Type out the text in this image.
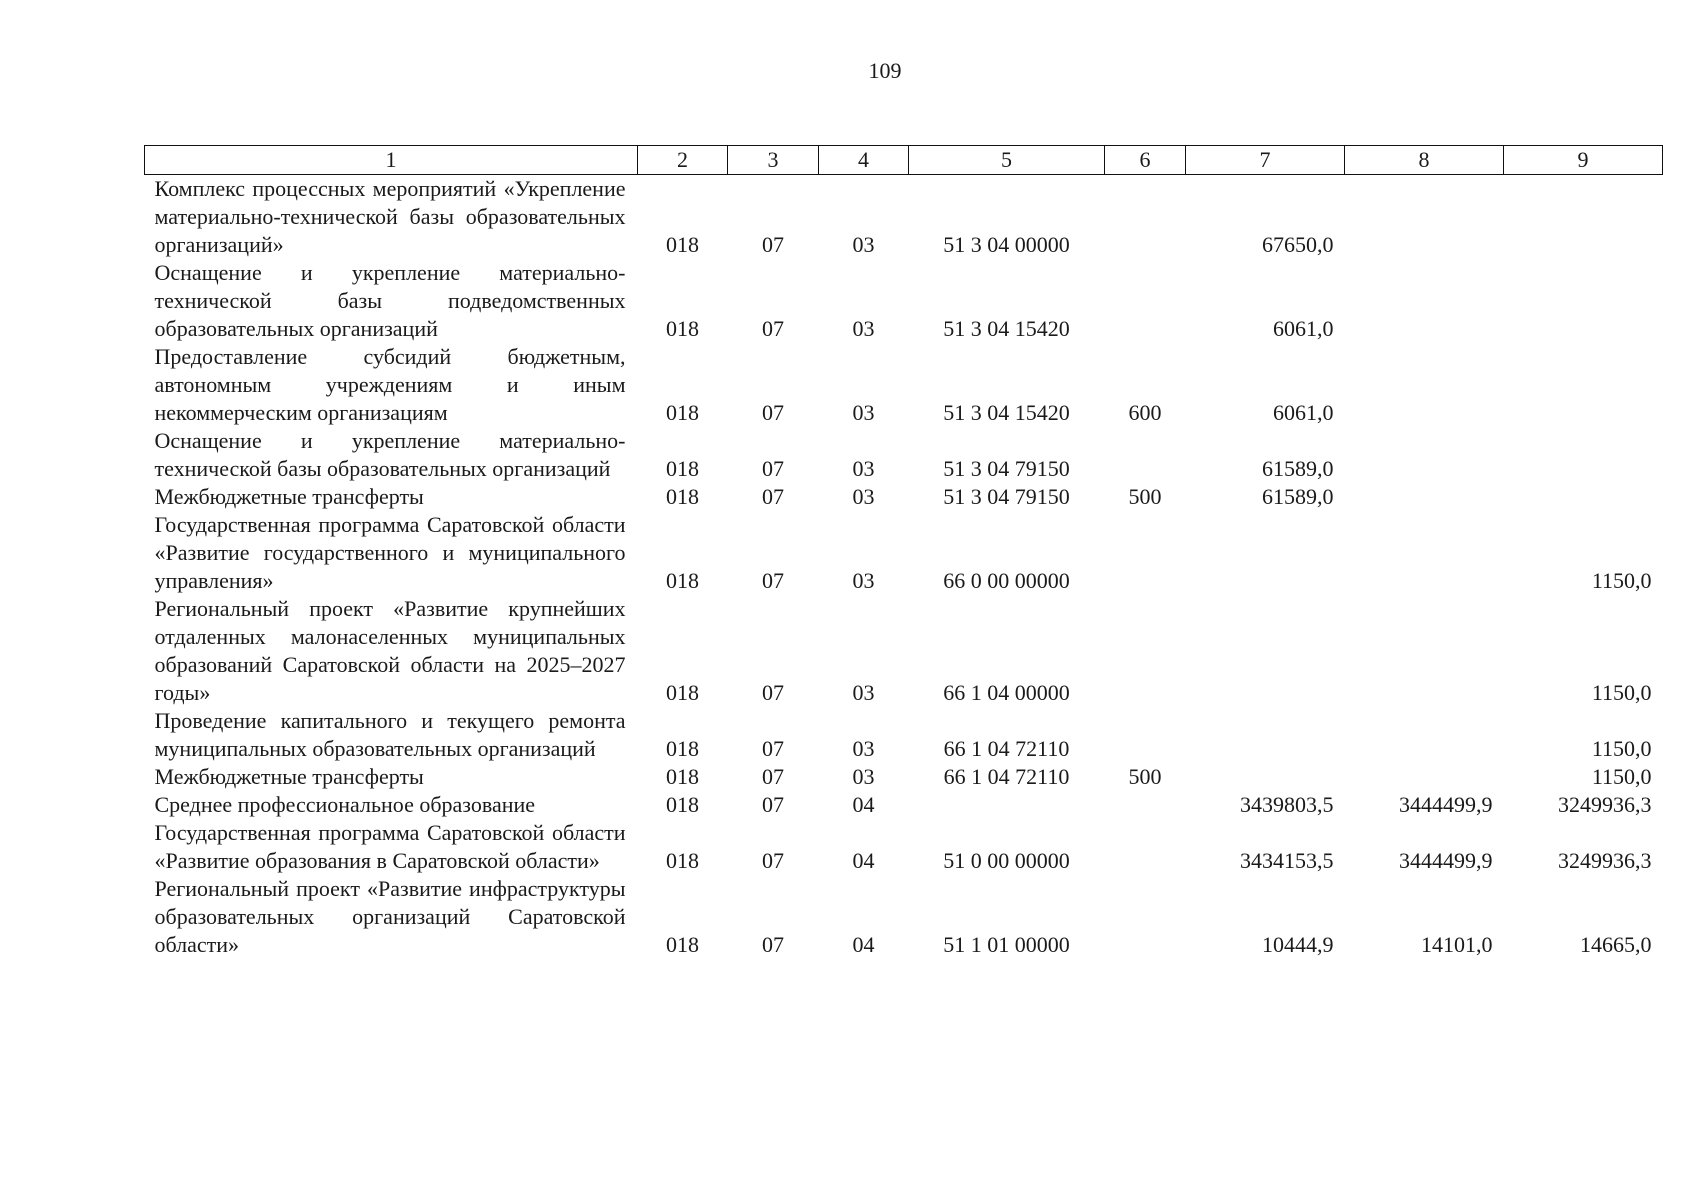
109
1	2	3	4	5	6	7	8	9
Комплекс процессных мероприятий «Укрепление материально-технической базы образовательных организаций»	018	07	03	51 3 04 00000		67650,0		
Оснащение и укрепление материально-технической базы подведомственных образовательных организаций	018	07	03	51 3 04 15420		6061,0		
Предоставление субсидий бюджетным, автономным учреждениям и иным некоммерческим организациям	018	07	03	51 3 04 15420	600	6061,0		
Оснащение и укрепление материально-технической базы образовательных организаций	018	07	03	51 3 04 79150		61589,0		
Межбюджетные трансферты	018	07	03	51 3 04 79150	500	61589,0		
Государственная программа Саратовской области «Развитие государственного и муниципального управления»	018	07	03	66 0 00 00000				1150,0
Региональный проект «Развитие крупнейших отдаленных малонаселенных муниципальных образований Саратовской области на 2025–2027 годы»	018	07	03	66 1 04 00000				1150,0
Проведение капитального и текущего ремонта муниципальных образовательных организаций	018	07	03	66 1 04 72110				1150,0
Межбюджетные трансферты	018	07	03	66 1 04 72110	500			1150,0
Среднее профессиональное образование	018	07	04			3439803,5	3444499,9	3249936,3
Государственная программа Саратовской области «Развитие образования в Саратовской области»	018	07	04	51 0 00 00000		3434153,5	3444499,9	3249936,3
Региональный проект «Развитие инфраструктуры образовательных организаций Саратовской области»	018	07	04	51 1 01 00000		10444,9	14101,0	14665,0
